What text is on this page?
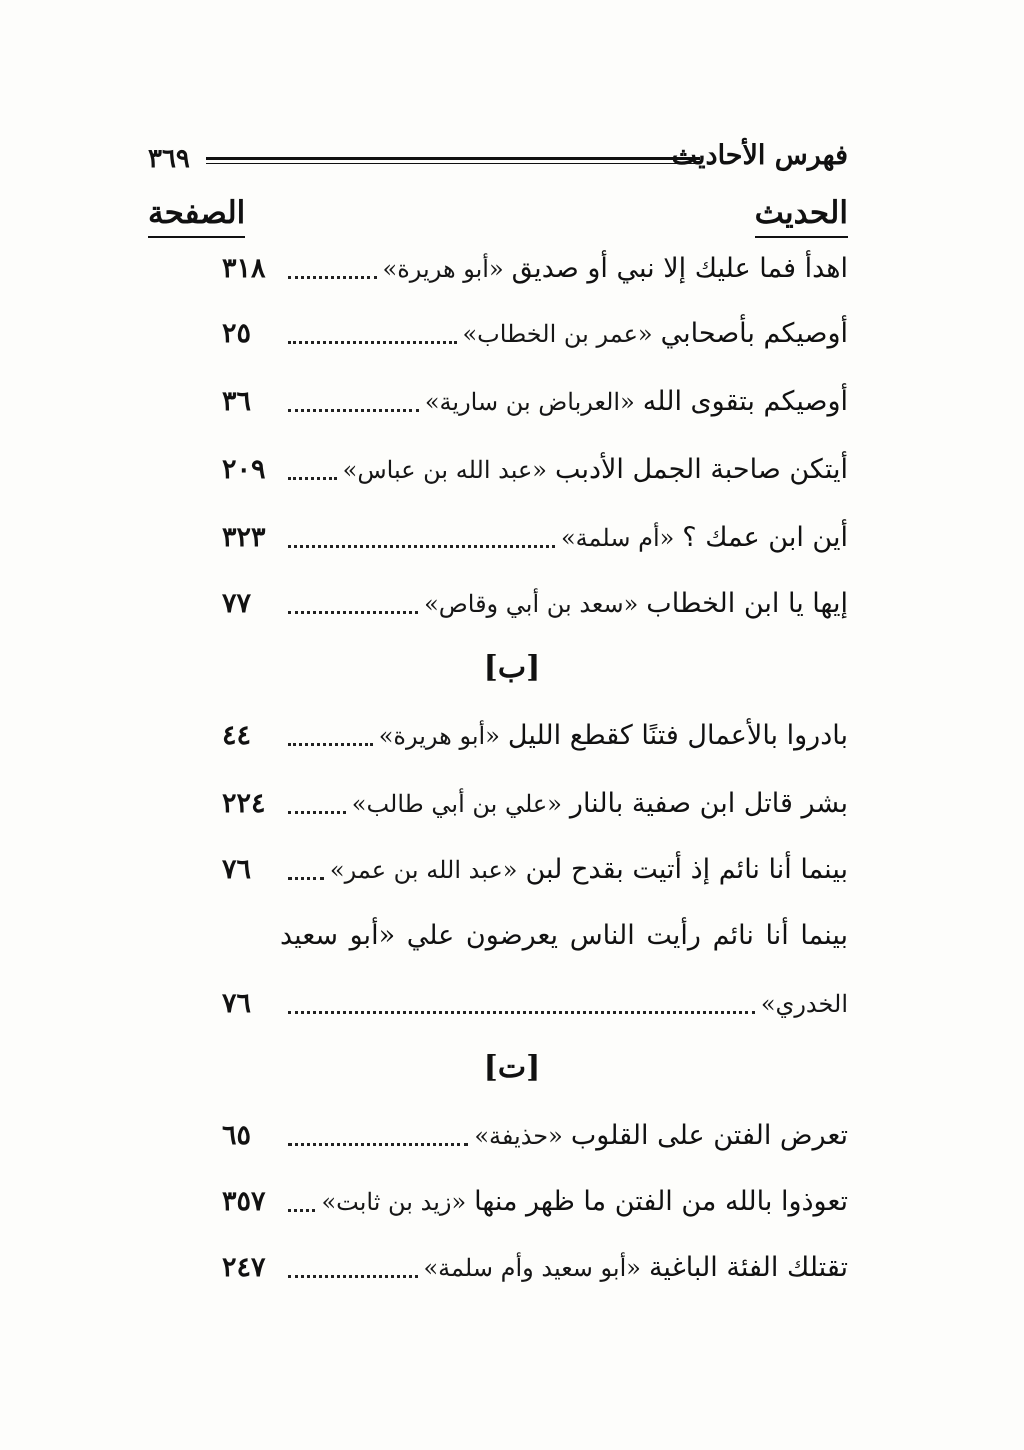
٣٦٩	فهرس الأحاديث
الصفحة	الحديث
اهدأ فما عليك إلا نبي أو صديق
«أبو هريرة»
٣١٨
أوصيكم بأصحابي
«عمر بن الخطاب»
٢٥
أوصيكم بتقوى الله
«العرباض بن سارية»
٣٦
أيتكن صاحبة الجمل الأدبب
«عبد الله بن عباس»
٢٠٩
أين ابن عمك ؟
«أم سلمة»
٣٢٣
إيها يا ابن الخطاب
«سعد بن أبي وقاص»
٧٧
[ب]
بادروا بالأعمال فتنًا كقطع الليل
«أبو هريرة»
٤٤
بشر قاتل ابن صفية بالنار
«علي بن أبي طالب»
٢٢٤
بينما أنا نائم إذ أتيت بقدح لبن
«عبد الله بن عمر»
٧٦
بينما أنا نائم رأيت الناس يعرضون علي «أبو سعيد
الخدري»
٧٦
[ت]
تعرض الفتن على القلوب
«حذيفة»
٦٥
تعوذوا بالله من الفتن ما ظهر منها
«زيد بن ثابت»
٣٥٧
تقتلك الفئة الباغية
«أبو سعيد وأم سلمة»
٢٤٧
